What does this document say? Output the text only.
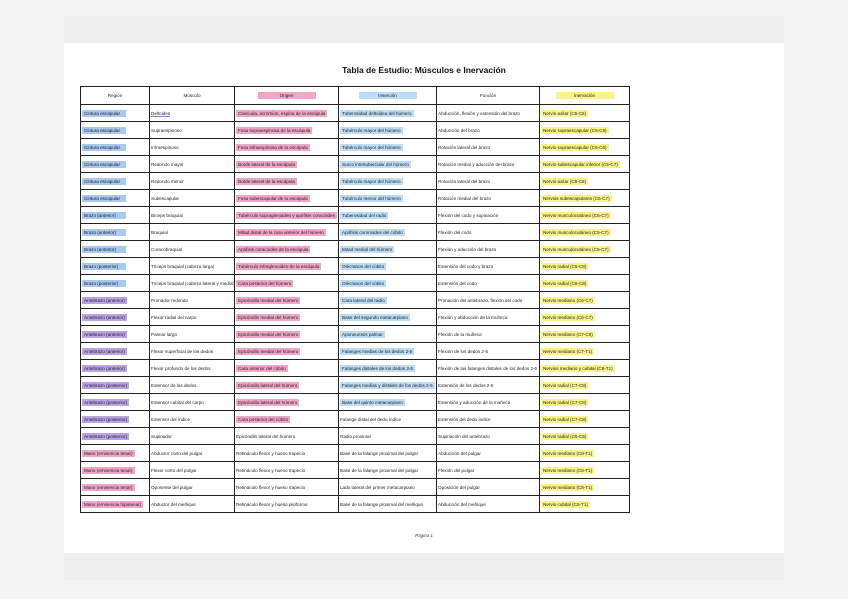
Tabla de Estudio: Músculos e Inervación
Región	Músculo	Origen	Inserción	Función	Inervación
Cintura escapular	Deltoides	Clavícula, acromion, espina de la escápula	Tuberosidad deltoidea del húmero	Abducción, flexión y extensión del brazo	Nervio axilar (C5-C6)
Cintura escapular	Supraespinoso	Fosa supraespinosa de la escápula	Tubérculo mayor del húmero	Abducción del brazo	Nervio supraescapular (C5-C6)
Cintura escapular	Infraespinoso	Fosa infraespinosa de la escápula	Tubérculo mayor del húmero	Rotación lateral del brazo	Nervio supraescapular (C5-C6)
Cintura escapular	Redondo mayor	Borde lateral de la escápula	Surco intertubercular del húmero	Rotación medial y aducción del brazo	Nervio subescapular inferior (C5-C7)
Cintura escapular	Redondo menor	Borde lateral de la escápula	Tubérculo mayor del húmero	Rotación lateral del brazo	Nervio axilar (C5-C6)
Cintura escapular	Subescapular	Fosa subescapular de la escápula	Tubérculo menor del húmero	Rotación medial del brazo	Nervios subescapulares (C5-C7)
Brazo (anterior)	Bíceps braquial	Tubérculo supraglenoideo y apófisis coracoides	Tuberosidad del radio	Flexión del codo y supinación	Nervio musculocutáneo (C5-C7)
Brazo (anterior)	Braquial	Mitad distal de la cara anterior del húmero	Apófisis coronoides del cúbito	Flexión del codo	Nervio musculocutáneo (C5-C7)
Brazo (anterior)	Coracobraquial	Apófisis coracoides de la escápula	Mitad medial del húmero	Flexión y aducción del brazo	Nervio musculocutáneo (C5-C7)
Brazo (posterior)	Tríceps braquial (cabeza larga)	Tubérculo infraglenoideo de la escápula	Olécranon del cúbito	Extensión del codo y brazo	Nervio radial (C6-C8)
Brazo (posterior)	Tríceps braquial (cabeza lateral y medial)	Cara posterior del húmero	Olécranon del cúbito	Extensión del codo	Nervio radial (C6-C8)
Antebrazo (anterior)	Pronador redondo	Epicóndilo medial del húmero	Cara lateral del radio	Pronación del antebrazo, flexión del codo	Nervio mediano (C6-C7)
Antebrazo (anterior)	Flexor radial del carpo	Epicóndilo medial del húmero	Base del segundo metacarpiano	Flexión y abducción de la muñeca	Nervio mediano (C6-C7)
Antebrazo (anterior)	Palmar largo	Epicóndilo medial del húmero	Aponeurosis palmar	Flexión de la muñeca	Nervio mediano (C7-C8)
Antebrazo (anterior)	Flexor superficial de los dedos	Epicóndilo medial del húmero	Falanges medias de los dedos 2-5	Flexión de los dedos 2-5	Nervio mediano (C7-T1)
Antebrazo (anterior)	Flexor profundo de los dedos	Cara anterior del cúbito	Falanges distales de los dedos 2-5	Flexión de las falanges distales de los dedos 2-5	Nervios mediano y cubital (C8-T1)
Antebrazo (posterior)	Extensor de los dedos	Epicóndilo lateral del húmero	Falanges medias y distales de los dedos 2-5	Extensión de los dedos 2-5	Nervio radial (C7-C8)
Antebrazo (posterior)	Extensor cubital del carpo	Epicóndilo lateral del húmero	Base del quinto metacarpiano	Extensión y aducción de la muñeca	Nervio radial (C7-C8)
Antebrazo (posterior)	Extensor del índice	Cara posterior del cúbito	Falange distal del dedo índice	Extensión del dedo índice	Nervio radial (C7-C8)
Antebrazo (posterior)	Supinador	Epicóndilo lateral del húmero	Radio proximal	Supinación del antebrazo	Nervio radial (C5-C6)
Mano (eminencia tenar)	Abductor corto del pulgar	Retináculo flexor y hueso trapecio	Base de la falange proximal del pulgar	Abducción del pulgar	Nervio mediano (C8-T1)
Mano (eminencia tenar)	Flexor corto del pulgar	Retináculo flexor y hueso trapecio	Base de la falange proximal del pulgar	Flexión del pulgar	Nervio mediano (C8-T1)
Mano (eminencia tenar)	Oponente del pulgar	Retináculo flexor y hueso trapecio	Lado lateral del primer metacarpiano	Oposición del pulgar	Nervio mediano (C8-T1)
Mano (eminencia hipotenar)	Abductor del meñique	Retináculo flexor y hueso pisiforme	Base de la falange proximal del meñique	Abducción del meñique	Nervio cubital (C8-T1)
Página 1
